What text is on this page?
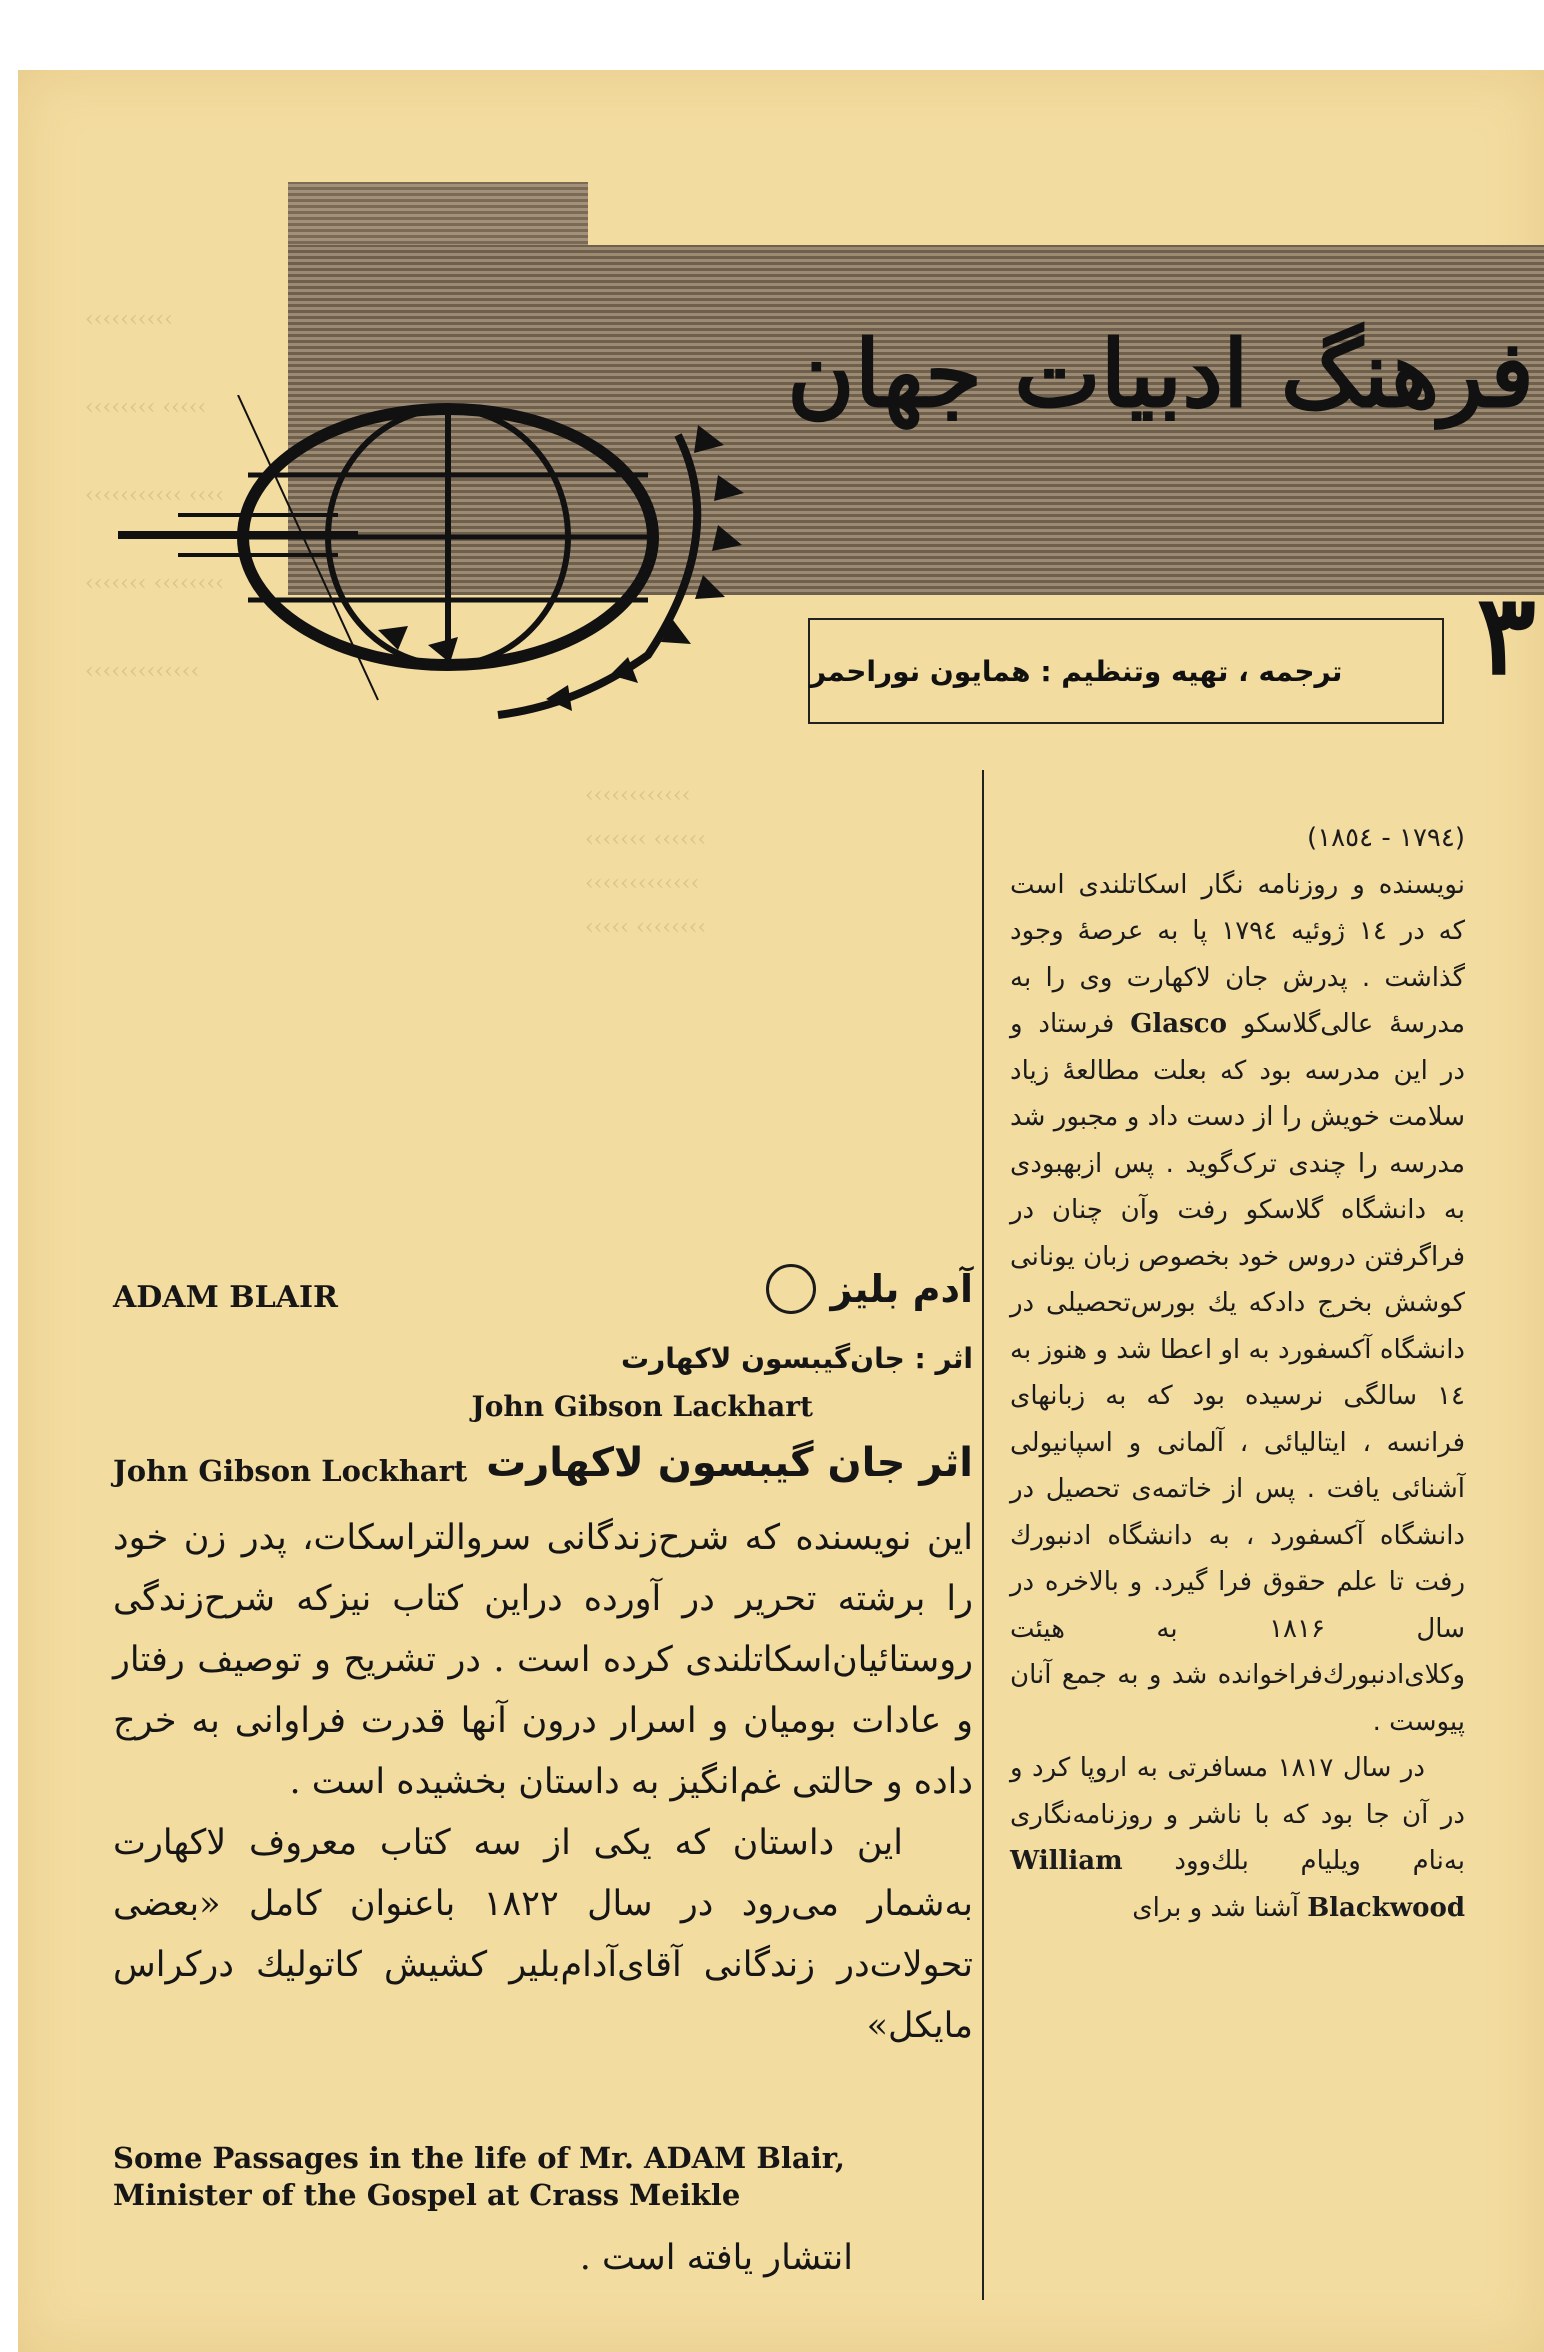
‹‹‹‹‹‹‹‹‹‹

‹‹‹‹‹‹‹‹ ‹‹‹‹‹

‹‹‹‹‹‹‹‹‹‹‹ ‹‹‹‹

‹‹‹‹‹‹‹ ‹‹‹‹‹‹‹‹

‹‹‹‹‹‹‹‹‹‹‹‹‹

‹‹‹‹‹‹‹‹‹‹‹‹
‹‹‹‹‹‹‹ ‹‹‹‹‹‹
‹‹‹‹‹‹‹‹‹‹‹‹‹
‹‹‹‹‹ ‹‹‹‹‹‹‹‹
فرهنگ ادبیات جهان
۳
ترجمه ، تهیه وتنظیم : همایون نوراحمر

(۱۷۹٤ - ۱۸٥٤)

نویسنده و روزنامه نگار اسکاتلندی است که در ۱٤ ژوئیه ۱۷۹٤ پا به عرصهٔ وجود گذاشت . پدرش جان لاکهارت وی را به مدرسهٔ عالی‌گلاسکو Glasco فرستاد و در این مدرسه بود که بعلت مطالعهٔ زیاد سلامت خویش را از دست داد و مجبور شد مدرسه را چندی ترک‌گوید . پس ازبهبودی به دانشگاه گلاسکو رفت وآن چنان در فراگرفتن دروس خود بخصوص زبان یونانی کوشش بخرج دادکه یك بورس‌تحصیلی در دانشگاه آکسفورد به او اعطا شد و هنوز به ۱٤ سالگی نرسیده بود که به زبانهای فرانسه ، ایتالیائی ، آلمانی و اسپانیولی آشنائی یافت . پس از خاتمه‌ی تحصیل در دانشگاه آکسفورد ، به دانشگاه ادنبورك رفت تا علم حقوق فرا گیرد. و بالاخره در سال ۱۸۱۶ به هیئت وکلای‌ادنبورك‌فراخوانده شد و به جمع آنان پیوست .

در سال ۱۸۱۷ مسافرتی به اروپا کرد و در آن جا بود که با ناشر و روزنامه‌نگاری به‌نام ویلیام بلك‌وود William Blackwood آشنا شد و برای

ADAM BLAIR	آدم بلیز
اثر : جان‌گیبسون لاکهارت
John Gibson Lackhart
John Gibson Lockhart اثر جان گیبسون لاکهارت

این نویسنده که شرح‌زندگانی سروالتراسکات، پدر زن خود را برشته تحریر در آورده دراین کتاب نیزکه شرح‌زندگی روستائیان‌اسکاتلندی کرده است . در تشریح و توصیف رفتار و عادات بومیان و اسرار درون آنها قدرت فراوانی به خرج داده و حالتی غم‌انگیز به داستان بخشیده است .

این داستان که یکی از سه کتاب معروف لاکهارت به‌شمار می‌رود در سال ۱۸۲۲ باعنوان کامل «بعضی تحولات‌در زندگانی آقای‌آدام‌بلیر کشیش کاتولیك درکراس مایکل»

Some Passages in the life of Mr. ADAM Blair, Minister of the Gospel at Crass Meikle
انتشار یافته است .
